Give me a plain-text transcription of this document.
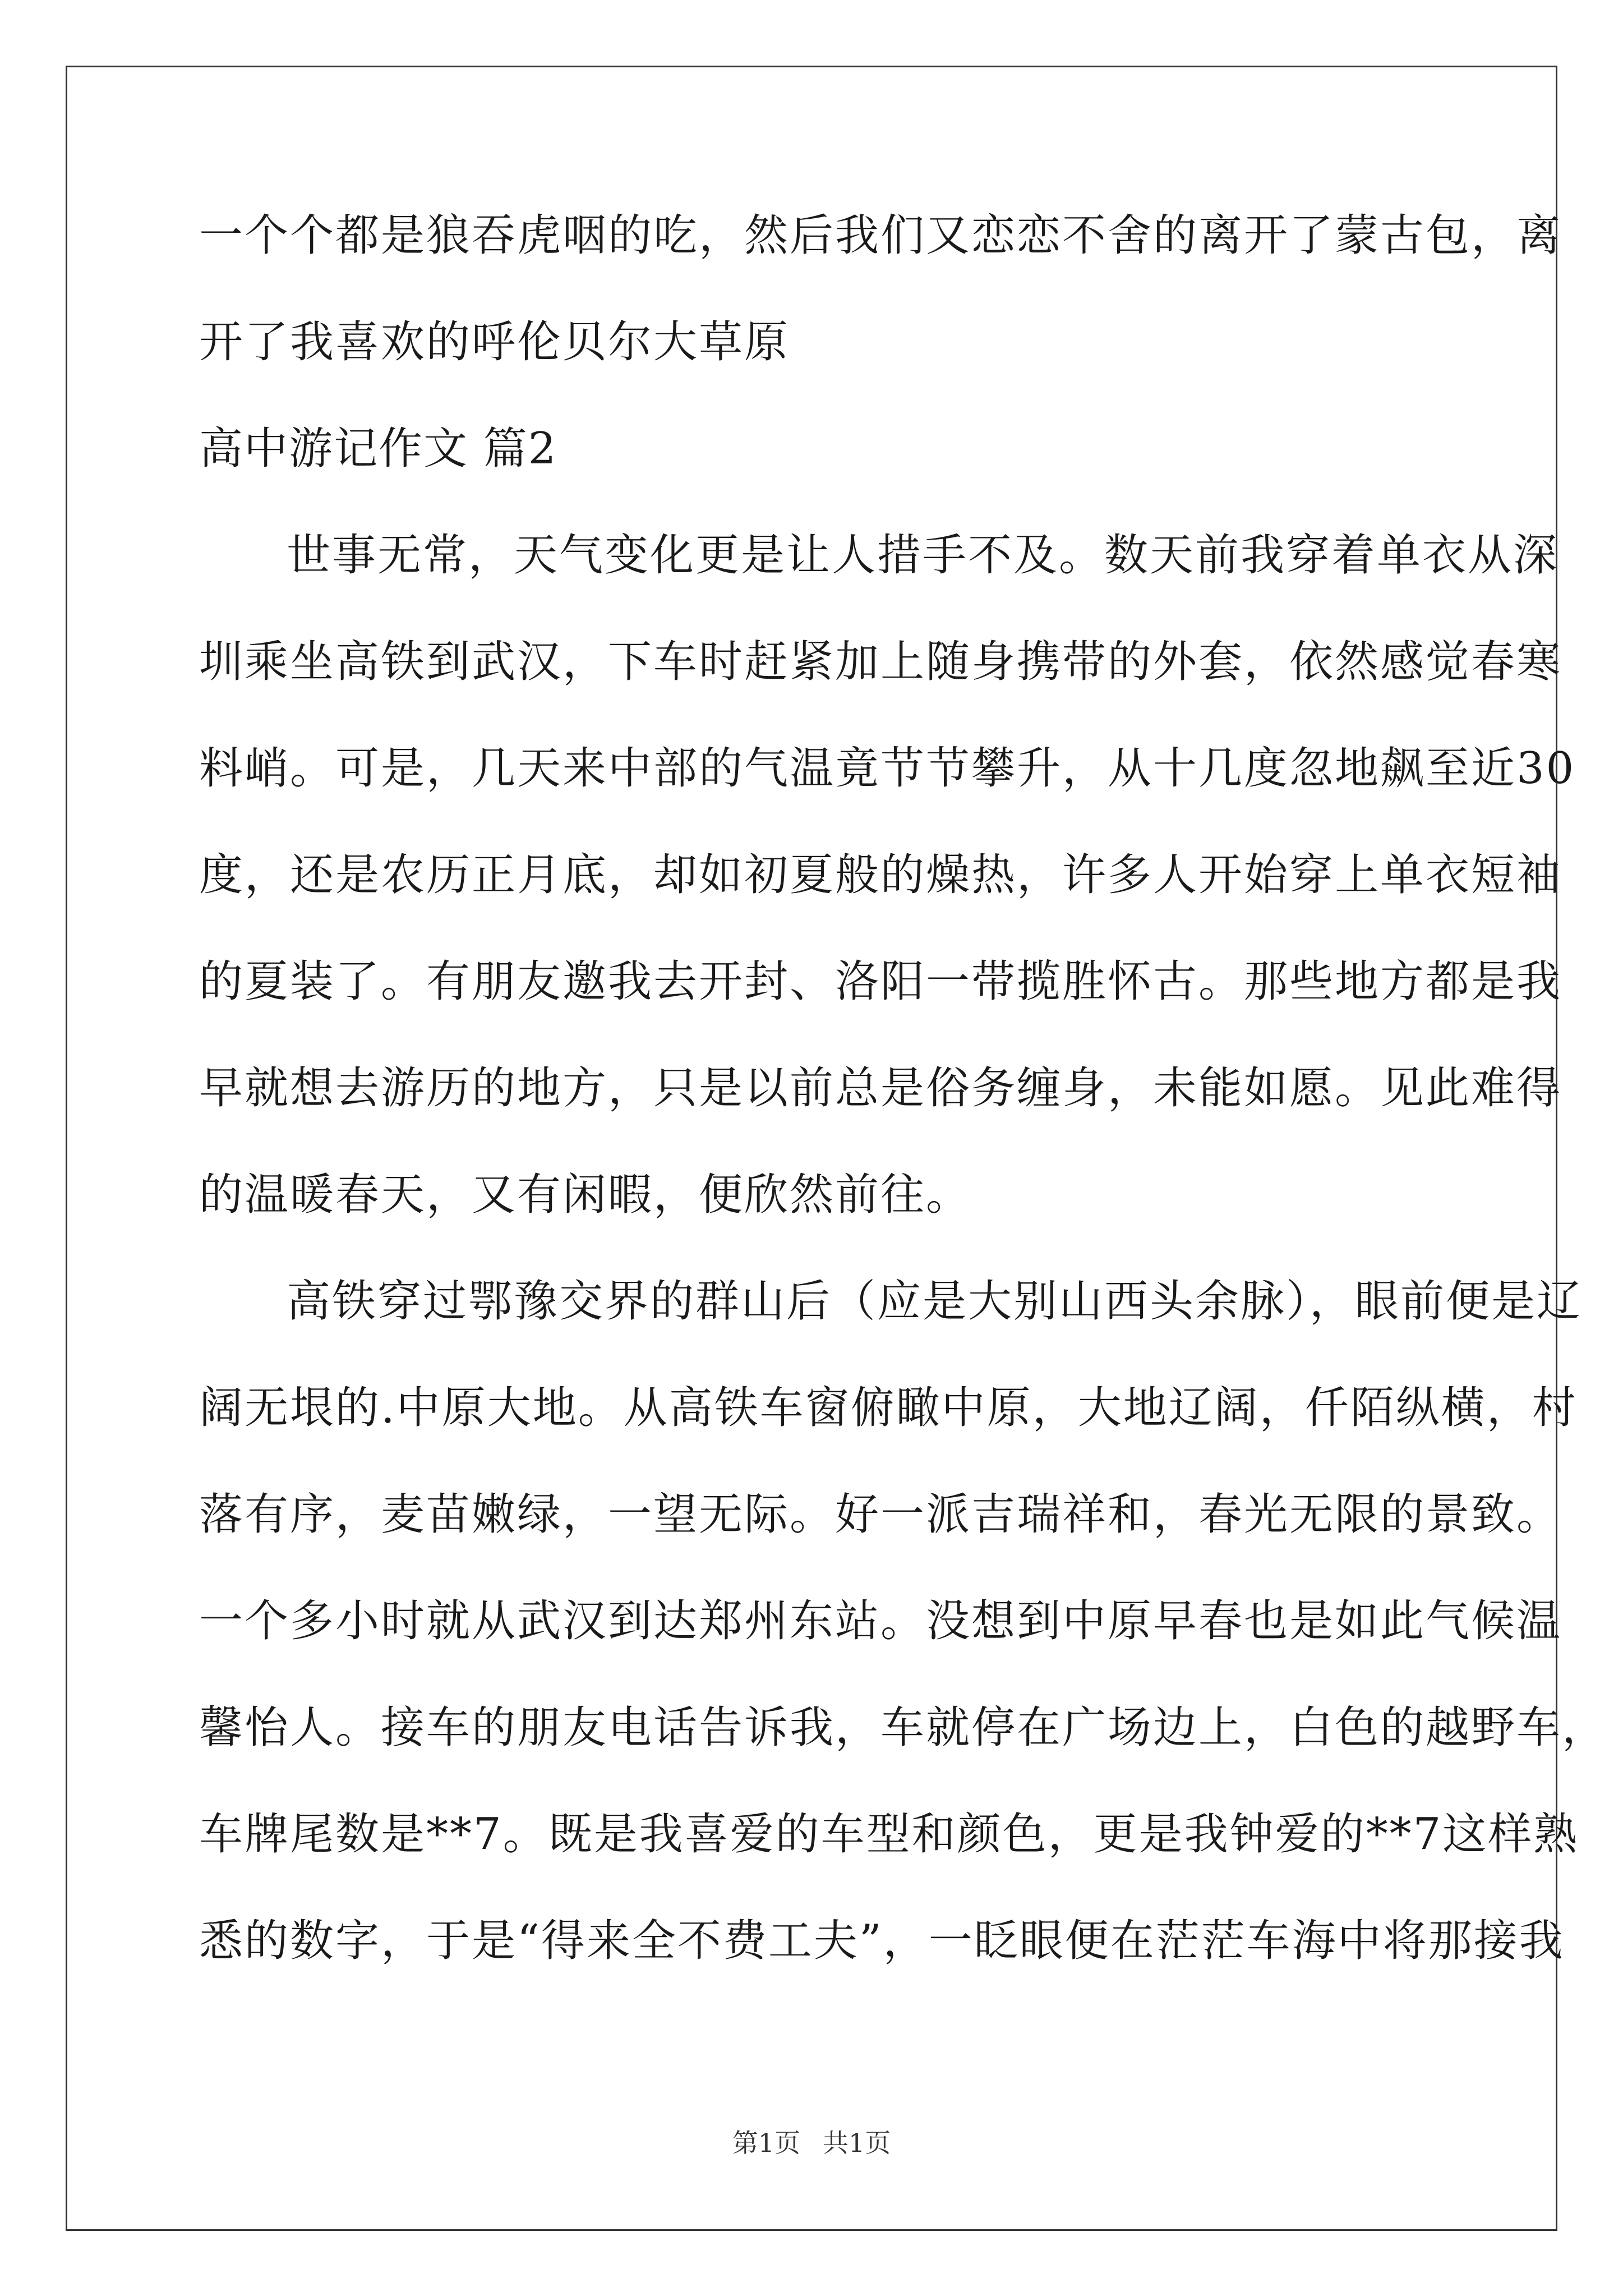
一个个都是狼吞虎咽的吃，然后我们又恋恋不舍的离开了蒙古包，离
开了我喜欢的呼伦贝尔大草原
高中游记作文 篇2
世事无常，天气变化更是让人措手不及。数天前我穿着单衣从深
圳乘坐高铁到武汉，下车时赶紧加上随身携带的外套，依然感觉春寒
料峭。可是，几天来中部的气温竟节节攀升，从十几度忽地飙至近30
度，还是农历正月底，却如初夏般的燥热，许多人开始穿上单衣短袖
的夏装了。有朋友邀我去开封、洛阳一带揽胜怀古。那些地方都是我
早就想去游历的地方，只是以前总是俗务缠身，未能如愿。见此难得
的温暖春天，又有闲暇，便欣然前往。
高铁穿过鄂豫交界的群山后（应是大别山西头余脉），眼前便是辽
阔无垠的.中原大地。从高铁车窗俯瞰中原，大地辽阔，仟陌纵横，村
落有序，麦苗嫩绿，一望无际。好一派吉瑞祥和，春光无限的景致。
一个多小时就从武汉到达郑州东站。没想到中原早春也是如此气候温
馨怡人。接车的朋友电话告诉我，车就停在广场边上，白色的越野车，
车牌尾数是**7。既是我喜爱的车型和颜色，更是我钟爱的**7这样熟
悉的数字，于是“得来全不费工夫”，一眨眼便在茫茫车海中将那接我
第1页 共1页
